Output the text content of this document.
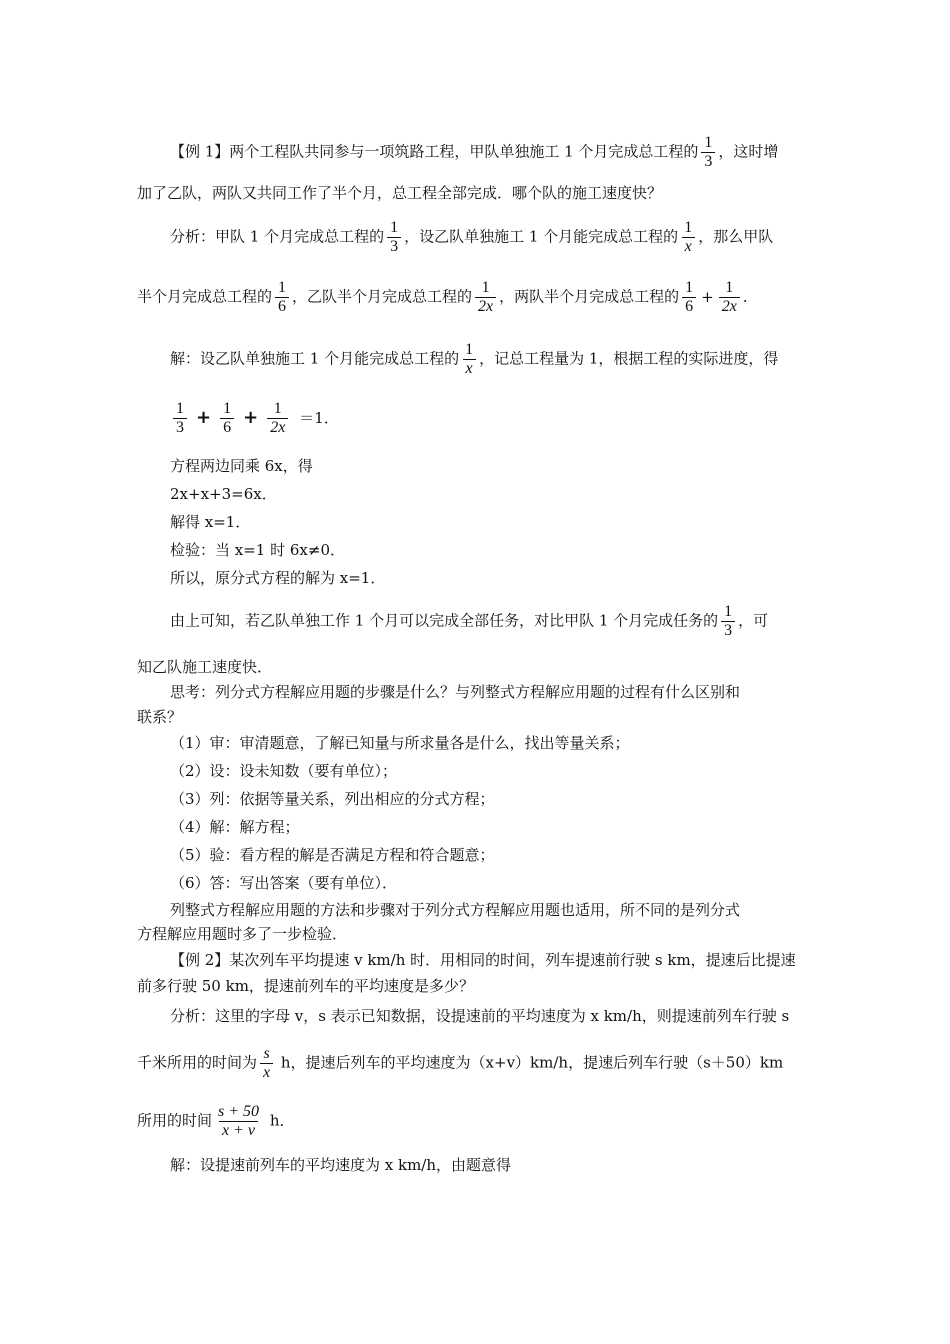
【例 1】两个工程队共同参与一项筑路工程，甲队单独施工 1 个月完成总工程的 $\frac{1}{3}$ ，这时增
加了乙队，两队又共同工作了半个月，总工程全部完成．哪个队的施工速度快？
分析：甲队 1 个月完成总工程的 $\frac{1}{3}$ ，设乙队单独施工 1 个月能完成总工程的 $\frac{1}{x}$ ，那么甲队
半个月完成总工程的 $\frac{1}{6}$ ，乙队半个月完成总工程的 $\frac{1}{2x}$ ，两队半个月完成总工程的 $\frac{1}{6} + \frac{1}{2x}$ ．
解：设乙队单独施工 1 个月能完成总工程的 $\frac{1}{x}$ ，记总工程量为 1，根据工程的实际进度，得
$\frac{1}{3} + \frac{1}{6} + \frac{1}{2x} =1$．
方程两边同乘 6x，得
2x+x+3=6x．
解得 x=1．
检验：当 x=1 时 6x≠0．
所以，原分式方程的解为 x=1．
由上可知，若乙队单独工作 1 个月可以完成全部任务，对比甲队 1 个月完成任务的 $\frac{1}{3}$ ，可
知乙队施工速度快．
思考：列分式方程解应用题的步骤是什么？与列整式方程解应用题的过程有什么区别和
联系？
（1）审：审清题意，了解已知量与所求量各是什么，找出等量关系；
（2）设：设未知数（要有单位）；
（3）列：依据等量关系，列出相应的分式方程；
（4）解：解方程；
（5）验：看方程的解是否满足方程和符合题意；
（6）答：写出答案（要有单位）．
列整式方程解应用题的方法和步骤对于列分式方程解应用题也适用，所不同的是列分式
方程解应用题时多了一步检验．
【例 2】某次列车平均提速 v km/h 时．用相同的时间，列车提速前行驶 s km，提速后比提速
前多行驶 50 km，提速前列车的平均速度是多少？
分析：这里的字母 v，s 表示已知数据，设提速前的平均速度为 x km/h，则提速前列车行驶 s
千米所用的时间为 $\frac{s}{x}$ h，提速后列车的平均速度为（x+v）km/h，提速后列车行驶（s＋50）km
所用的时间 $\frac{s + 50}{x + v}$ h．
解：设提速前列车的平均速度为 x km/h，由题意得
